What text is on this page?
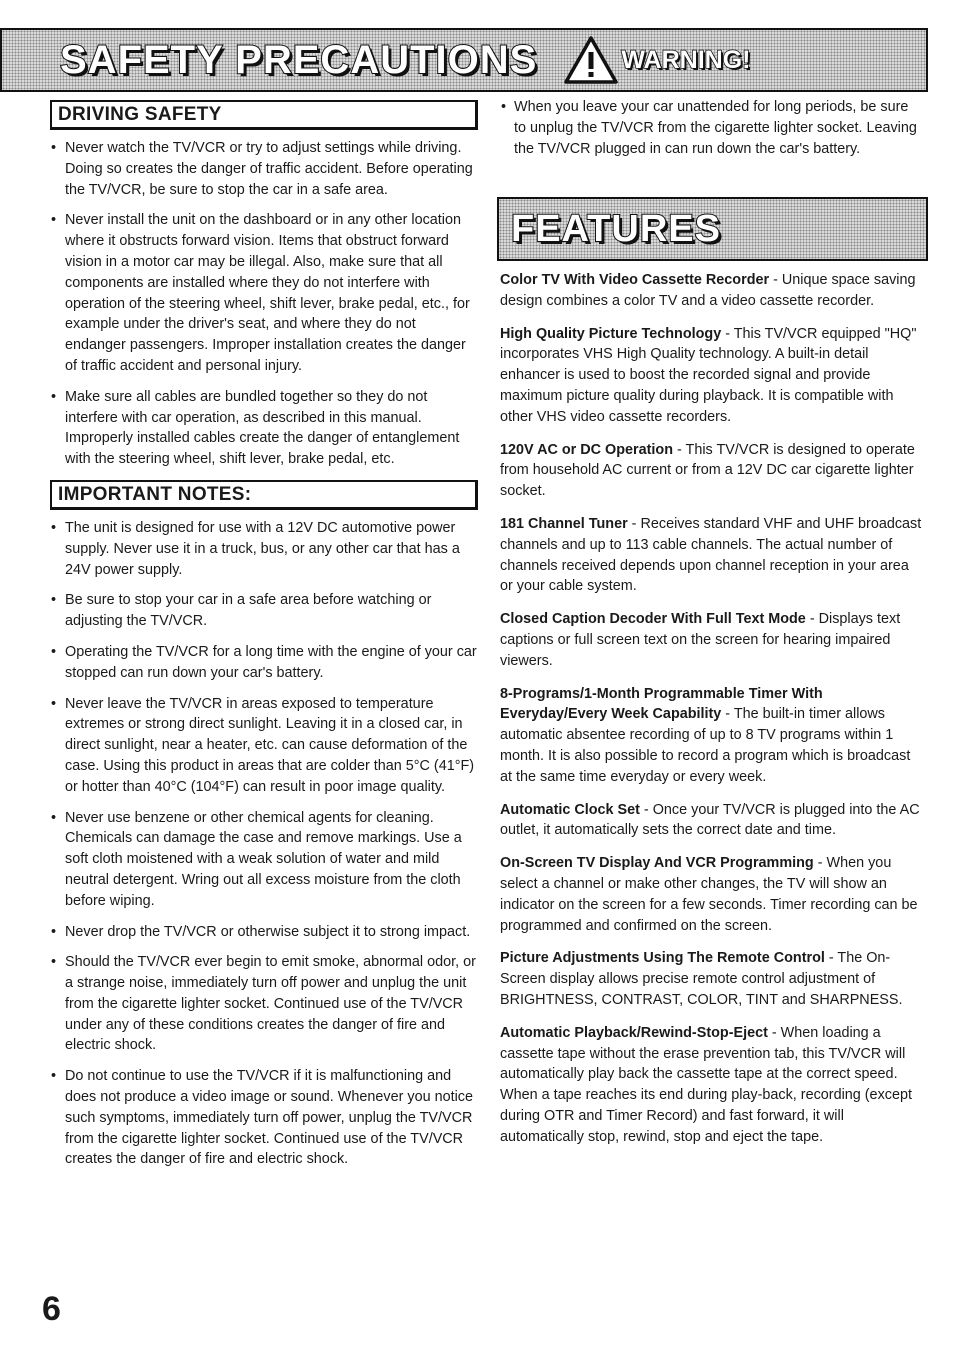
SAFETY PRECAUTIONS	WARNING!
DRIVING SAFETY
• Never watch the TV/VCR or try to adjust settings while driving. Doing so creates the danger of traffic accident. Before operating the TV/VCR, be sure to stop the car in a safe area.
• Never install the unit on the dashboard or in any other location where it obstructs forward vision. Items that obstruct forward vision in a motor car may be illegal. Also, make sure that all components are installed where they do not interfere with operation of the steering wheel, shift lever, brake pedal, etc., for example under the driver's seat, and where they do not endanger passengers. Improper installation creates the danger of traffic accident and personal injury.
• Make sure all cables are bundled together so they do not interfere with car operation, as described in this manual. Improperly installed cables create the danger of entanglement with the steering wheel, shift lever, brake pedal, etc.
IMPORTANT NOTES:
• The unit is designed for use with a 12V DC automotive power supply. Never use it in a truck, bus, or any other car that has a 24V power supply.
• Be sure to stop your car in a safe area before watching or adjusting the TV/VCR.
• Operating the TV/VCR for a long time with the engine of your car stopped can run down your car's battery.
• Never leave the TV/VCR in areas exposed to temperature extremes or strong direct sunlight. Leaving it in a closed car, in direct sunlight, near a heater, etc. can cause deformation of the case. Using this product in areas that are colder than 5°C (41°F) or hotter than 40°C (104°F) can result in poor image quality.
• Never use benzene or other chemical agents for cleaning. Chemicals can damage the case and remove markings. Use a soft cloth moistened with a weak solution of water and mild neutral detergent. Wring out all excess moisture from the cloth before wiping.
• Never drop the TV/VCR or otherwise subject it to strong impact.
• Should the TV/VCR ever begin to emit smoke, abnormal odor, or a strange noise, immediately turn off power and unplug the unit from the cigarette lighter socket. Continued use of the TV/VCR under any of these conditions creates the danger of fire and electric shock.
• Do not continue to use the TV/VCR if it is malfunctioning and does not produce a video image or sound. Whenever you notice such symptoms, immediately turn off power, unplug the TV/VCR from the cigarette lighter socket. Continued use of the TV/VCR creates the danger of fire and electric shock.
• When you leave your car unattended for long periods, be sure to unplug the TV/VCR from the cigarette lighter socket. Leaving the TV/VCR plugged in can run down the car's battery.
FEATURES

Color TV With Video Cassette Recorder - Unique space saving design combines a color TV and a video cassette recorder.

High Quality Picture Technology - This TV/VCR equipped "HQ" incorporates VHS High Quality technology. A built-in detail enhancer is used to boost the recorded signal and provide maximum picture quality during playback. It is compatible with other VHS video cassette recorders.

120V AC or DC Operation - This TV/VCR is designed to operate from household AC current or from a 12V DC car cigarette lighter socket.

181 Channel Tuner - Receives standard VHF and UHF broadcast channels and up to 113 cable channels. The actual number of channels received depends upon channel reception in your area or your cable system.

Closed Caption Decoder With Full Text Mode - Displays text captions or full screen text on the screen for hearing impaired viewers.

8-Programs/1-Month Programmable Timer With Everyday/Every Week Capability - The built-in timer allows automatic absentee recording of up to 8 TV programs within 1 month. It is also possible to record a program which is broadcast at the same time everyday or every week.

Automatic Clock Set - Once your TV/VCR is plugged into the AC outlet, it automatically sets the correct date and time.

On-Screen TV Display And VCR Programming - When you select a channel or make other changes, the TV will show an indicator on the screen for a few seconds. Timer recording can be programmed and confirmed on the screen.

Picture Adjustments Using The Remote Control - The On-Screen display allows precise remote control adjustment of BRIGHTNESS, CONTRAST, COLOR, TINT and SHARPNESS.

Automatic Playback/Rewind-Stop-Eject - When loading a cassette tape without the erase prevention tab, this TV/VCR will automatically play back the cassette tape at the correct speed. When a tape reaches its end during play-back, recording (except during OTR and Timer Record) and fast forward, it will automatically stop, rewind, stop and eject the tape.

6
